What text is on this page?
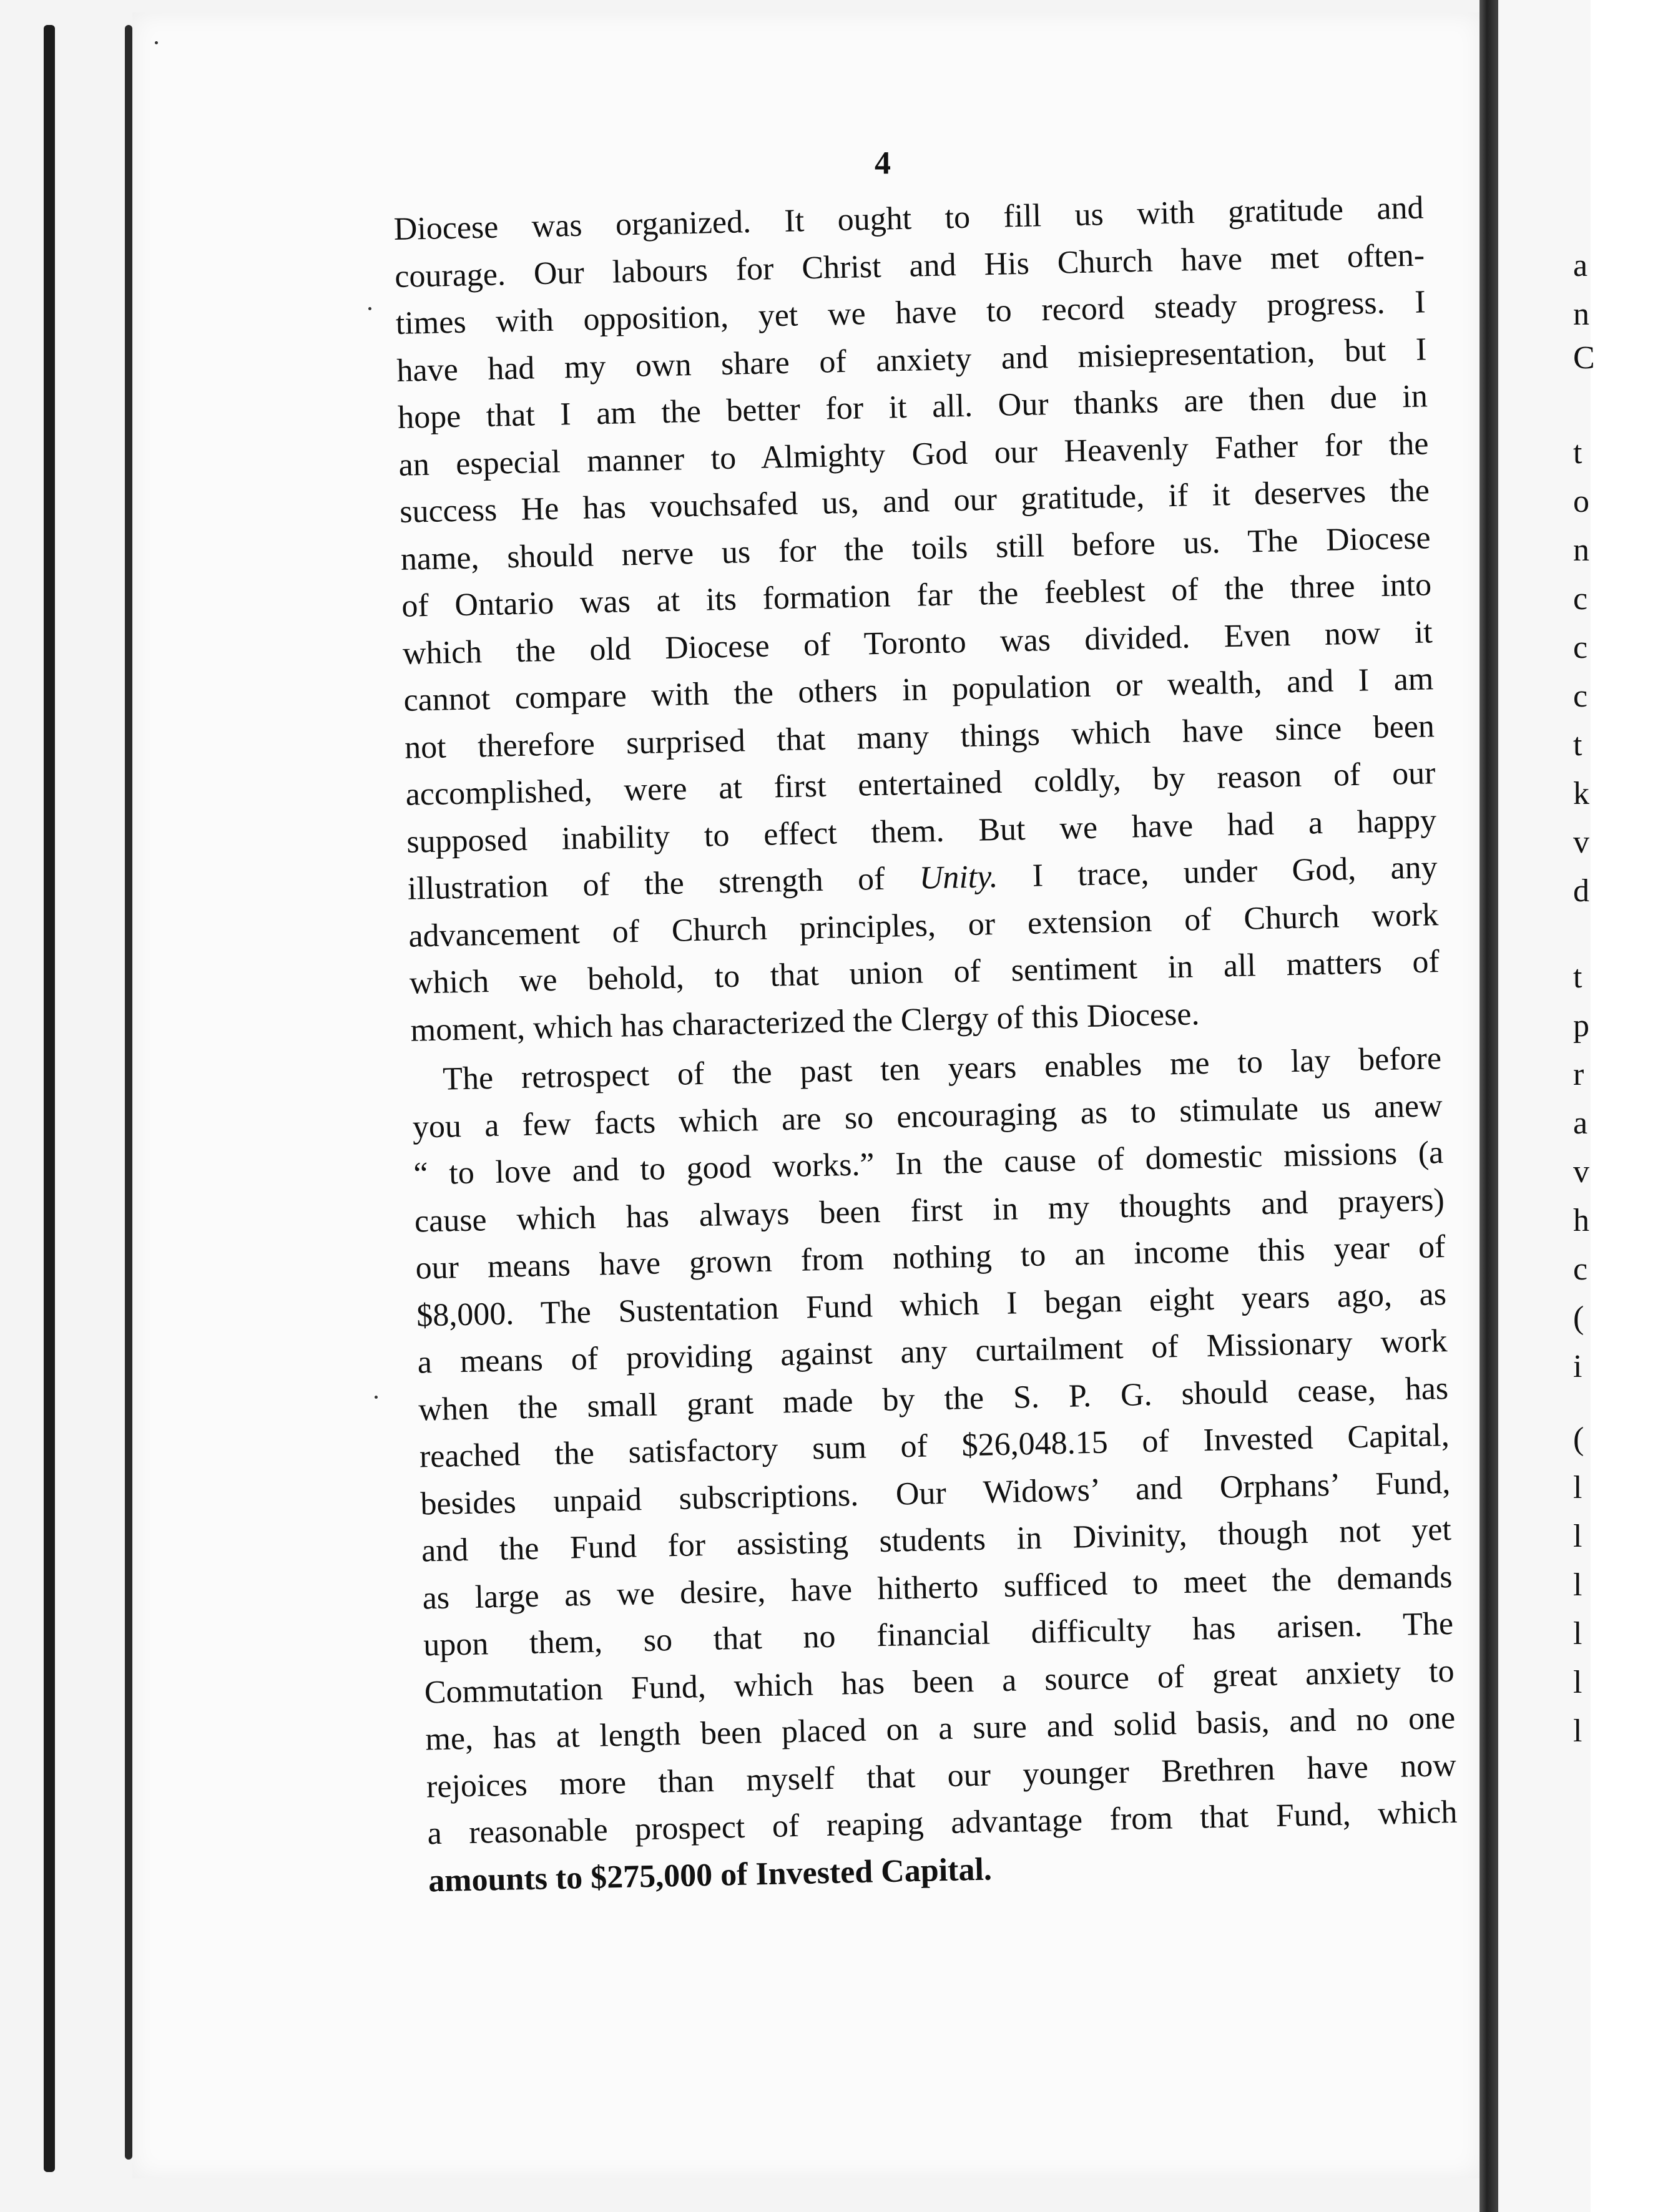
a
n
C
t
o
n
c
c
c
t
k
v
d
t
p
r
a
v
h
c
(
i
(
l
l
l
l
l
l
4

Diocese was organized. It ought to fill us with gratitude and
courage. Our labours for Christ and His Church have met often-
times with opposition, yet we have to record steady progress. I
have had my own share of anxiety and misiepresentation, but I
hope that I am the better for it all. Our thanks are then due in
an especial manner to Almighty God our Heavenly Father for the
success He has vouchsafed us, and our gratitude, if it deserves the
name, should nerve us for the toils still before us. The Diocese
of Ontario was at its formation far the feeblest of the three into
which the old Diocese of Toronto was divided. Even now it
cannot compare with the others in population or wealth, and I am
not therefore surprised that many things which have since been
accomplished, were at first entertained coldly, by reason of our
supposed inability to effect them. But we have had a happy
illustration of the strength of Unity. I trace, under God, any
advancement of Church principles, or extension of Church work
which we behold, to that union of sentiment in all matters of
moment, which has characterized the Clergy of this Diocese.

The retrospect of the past ten years enables me to lay before
you a few facts which are so encouraging as to stimulate us anew
“ to love and to good works.” In the cause of domestic missions (a
cause which has always been first in my thoughts and prayers)
our means have grown from nothing to an income this year of
$8,000. The Sustentation Fund which I began eight years ago, as
a means of providing against any curtailment of Missionary work
when the small grant made by the S. P. G. should cease, has
reached the satisfactory sum of $26,048.15 of Invested Capital,
besides unpaid subscriptions. Our Widows’ and Orphans’ Fund,
and the Fund for assisting students in Divinity, though not yet
as large as we desire, have hitherto sufficed to meet the demands
upon them, so that no financial difficulty has arisen. The
Commutation Fund, which has been a source of great anxiety to
me, has at length been placed on a sure and solid basis, and no one
rejoices more than myself that our younger Brethren have now
a reasonable prospect of reaping advantage from that Fund, which
amounts to $275,000 of Invested Capital.
